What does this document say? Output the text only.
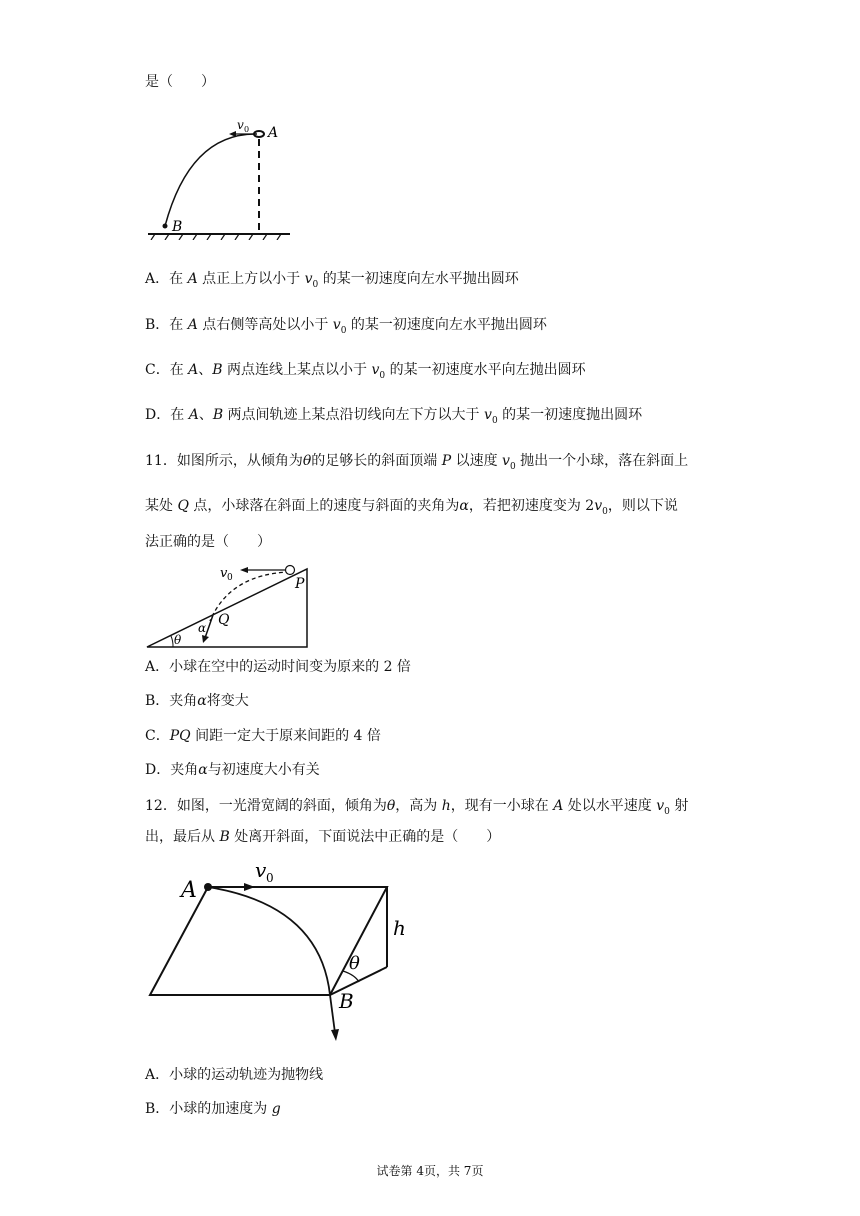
是（　　）
v 0 A
B
A．在 A 点正上方以小于 $v_0$ 的某一初速度向左水平抛出圆环
B．在 A 点右侧等高处以小于 $v_0$ 的某一初速度向左水平抛出圆环
C．在 A、B 两点连线上某点以小于 $v_0$ 的某一初速度水平向左抛出圆环
D．在 A、B 两点间轨迹上某点沿切线向左下方以大于 $v_0$ 的某一初速度抛出圆环
11．如图所示，从倾角为θ的足够长的斜面顶端 P 以速度 $v_0$ 抛出一个小球，落在斜面上
某处 Q 点，小球落在斜面上的速度与斜面的夹角为α，若把初速度变为 $2v_0$，则以下说
法正确的是（　　）
P
Q
α
θ
v 0
A．小球在空中的运动时间变为原来的 2 倍
B．夹角α将变大
C．PQ 间距一定大于原来间距的 4 倍
D．夹角α与初速度大小有关
12．如图，一光滑宽阔的斜面，倾角为θ，高为 h，现有一小球在 A 处以水平速度 $v_0$ 射
出，最后从 B 处离开斜面，下面说法中正确的是（　　）
A
v 0
h
θ
B
A．小球的运动轨迹为抛物线
B．小球的加速度为 g
试卷第 4页，共 7页
